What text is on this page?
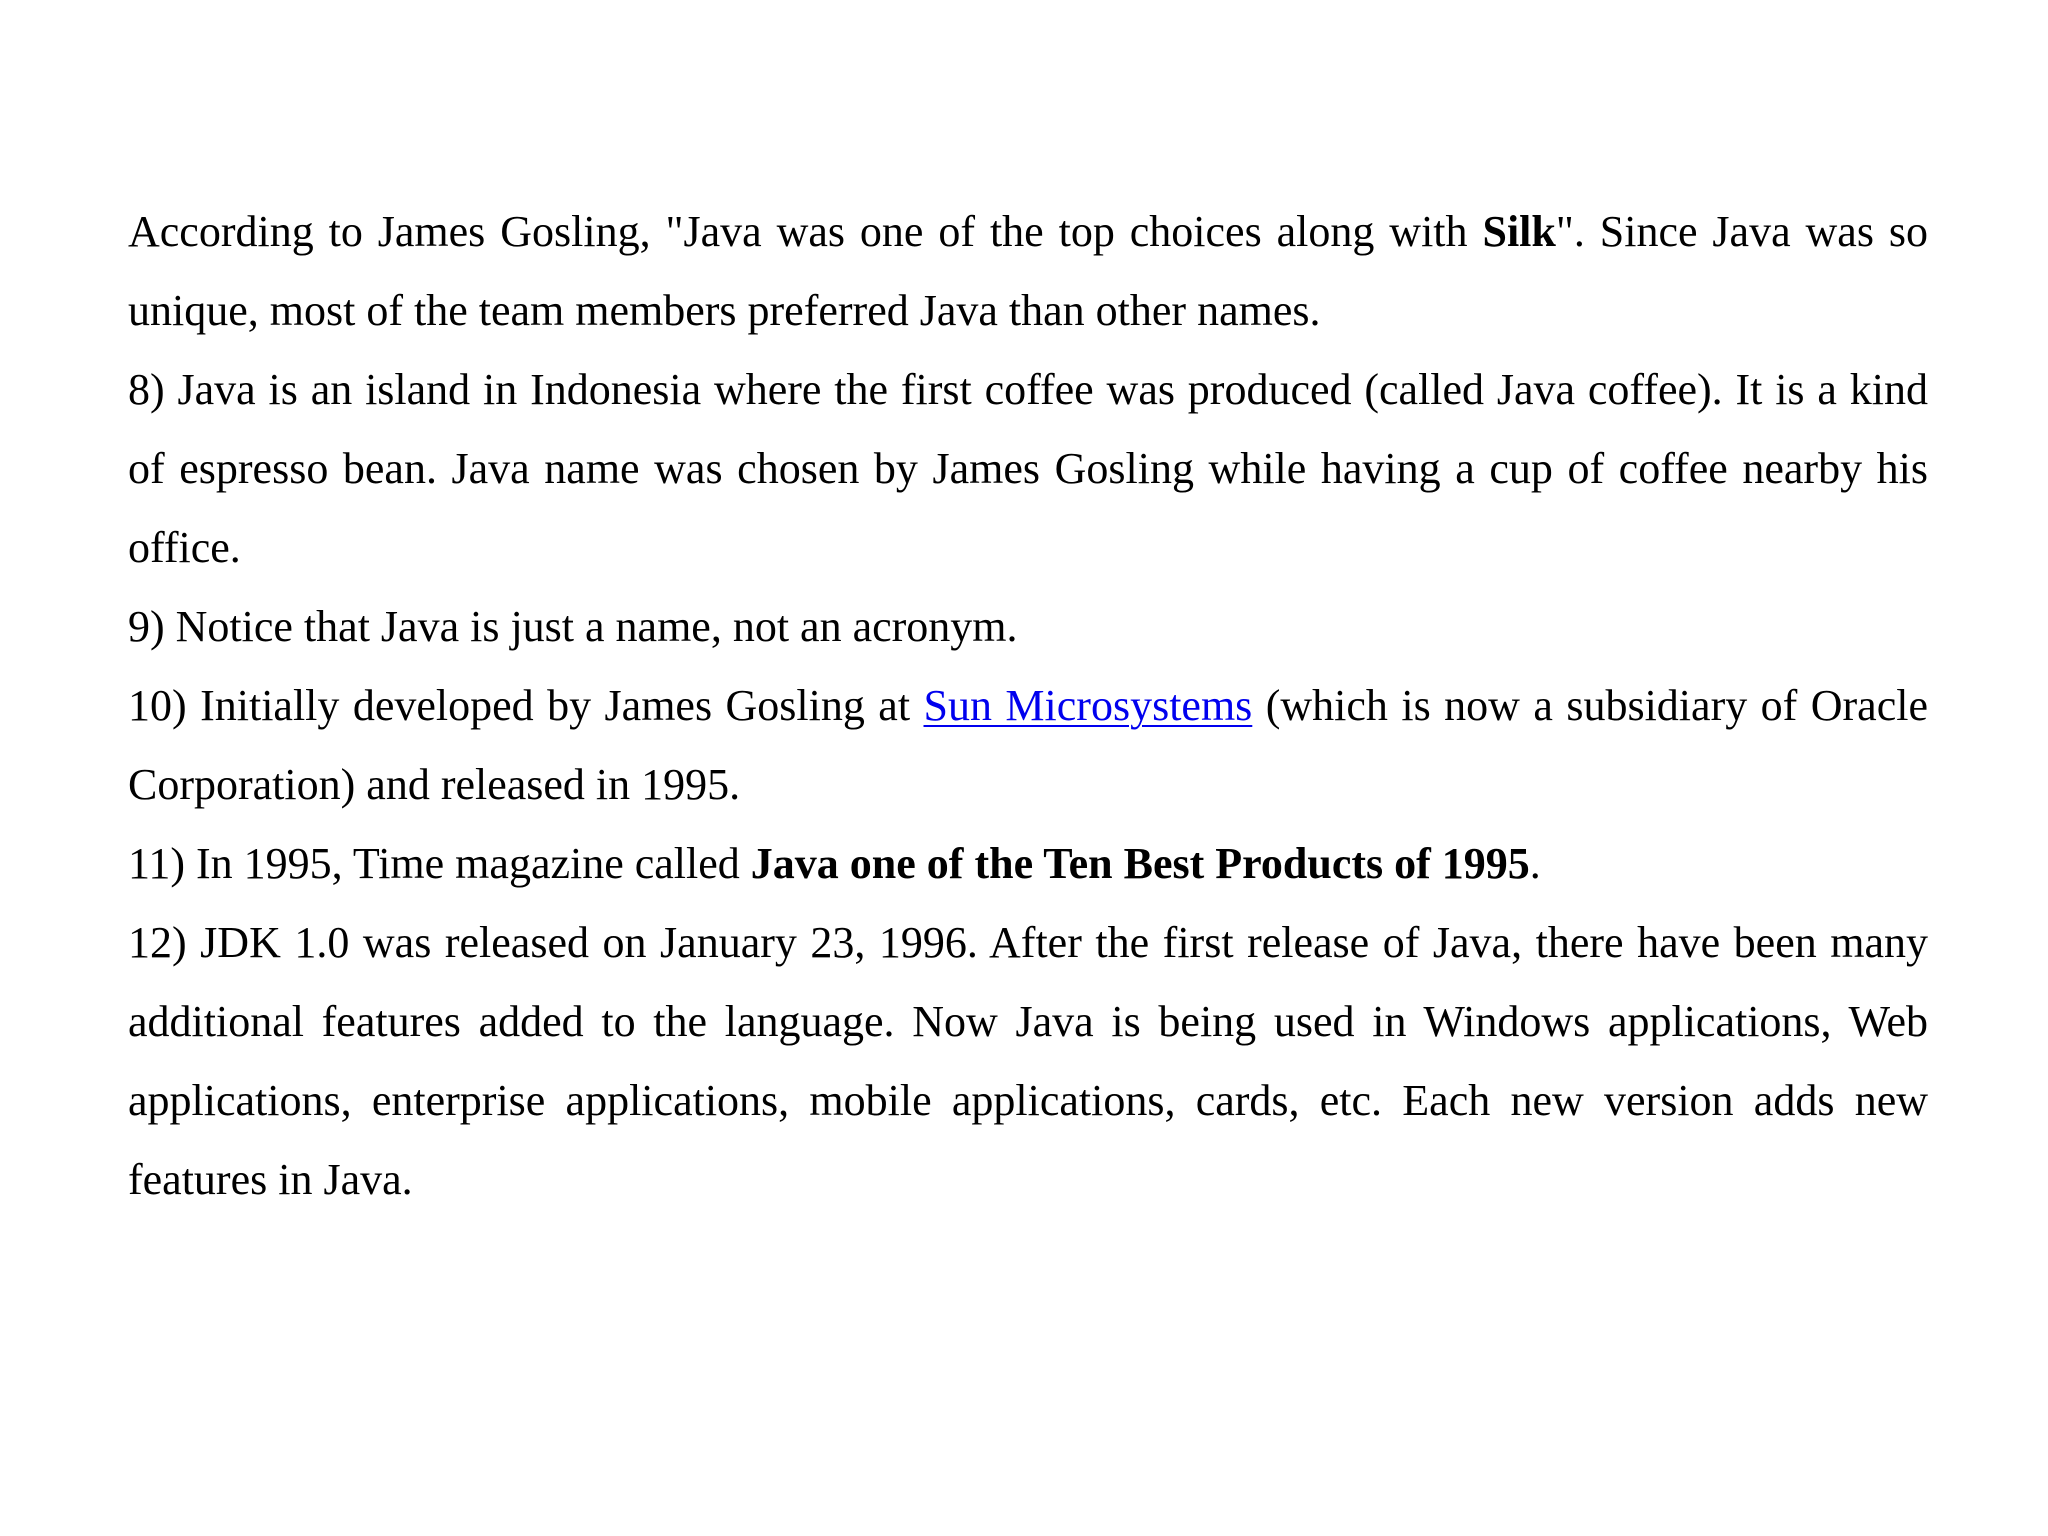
According to James Gosling, "Java was one of the top choices along with Silk". Since Java was so unique, most of the team members preferred Java than other names.

8) Java is an island in Indonesia where the first coffee was produced (called Java coffee). It is a kind of espresso bean. Java name was chosen by James Gosling while having a cup of coffee nearby his office.

9) Notice that Java is just a name, not an acronym.

10) Initially developed by James Gosling at Sun Microsystems (which is now a subsidiary of Oracle Corporation) and released in 1995.

11) In 1995, Time magazine called Java one of the Ten Best Products of 1995.

12) JDK 1.0 was released on January 23, 1996. After the first release of Java, there have been many additional features added to the language. Now Java is being used in Windows applications, Web applications, enterprise applications, mobile applications, cards, etc. Each new version adds new features in Java.
